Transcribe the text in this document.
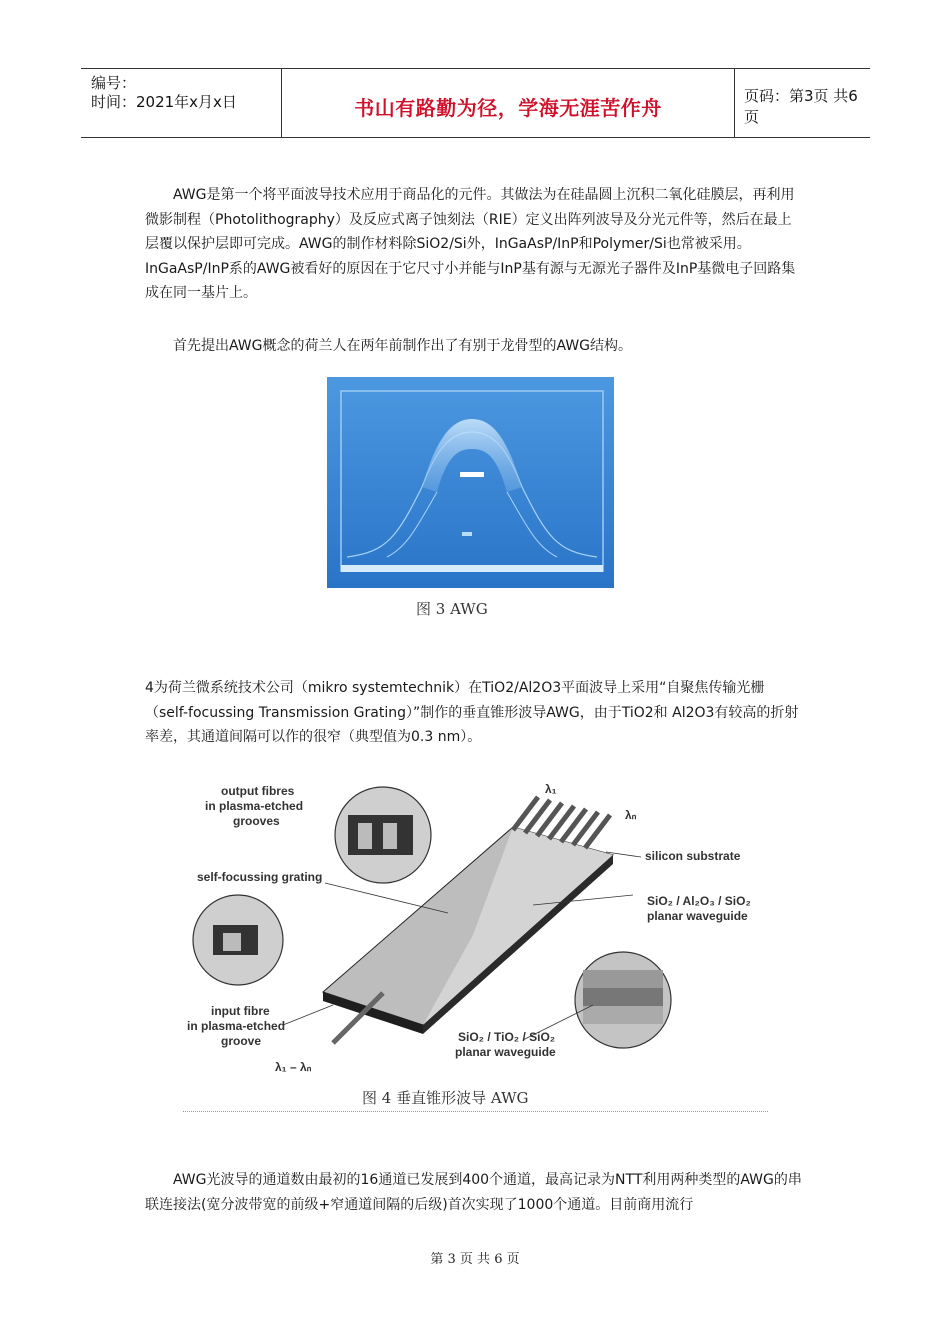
编号：
时间：2021年x月x日	书山有路勤为径，学海无涯苦作舟	页码：第3页 共6页

AWG是第一个将平面波导技术应用于商品化的元件。其做法为在硅晶圆上沉积二氧化硅膜层，再利用微影制程（Photolithography）及反应式离子蚀刻法（RIE）定义出阵列波导及分光元件等，然后在最上层覆以保护层即可完成。AWG的制作材料除SiO2/Si外，InGaAsP/InP和Polymer/Si也常被采用。InGaAsP/InP系的AWG被看好的原因在于它尺寸小并能与InP基有源与无源光子器件及InP基微电子回路集成在同一基片上。

首先提出AWG概念的荷兰人在两年前制作出了有别于龙骨型的AWG结构。

图 3 AWG

4为荷兰微系统技术公司（mikro systemtechnik）在TiO2/Al2O3平面波导上采用“自聚焦传输光栅（self-focussing Transmission Grating）”制作的垂直锥形波导AWG，由于TiO2和 Al2O3有较高的折射率差，其通道间隔可以作的很窄（典型值为0.3 nm）。

λ₁
λₙ
λ₁ – λₙ
output fibres
in plasma-etched
grooves
self-focussing grating
silicon substrate
SiO₂ / Al₂O₃ / SiO₂
planar waveguide
input fibre
in plasma-etched
groove	SiO₂ / TiO₂ / SiO₂
planar waveguide
图 4 垂直锥形波导 AWG

AWG光波导的通道数由最初的16通道已发展到400个通道，最高记录为NTT利用两种类型的AWG的串联连接法(宽分波带宽的前级+窄通道间隔的后级)首次实现了1000个通道。目前商用流行

第 3 页 共 6 页
